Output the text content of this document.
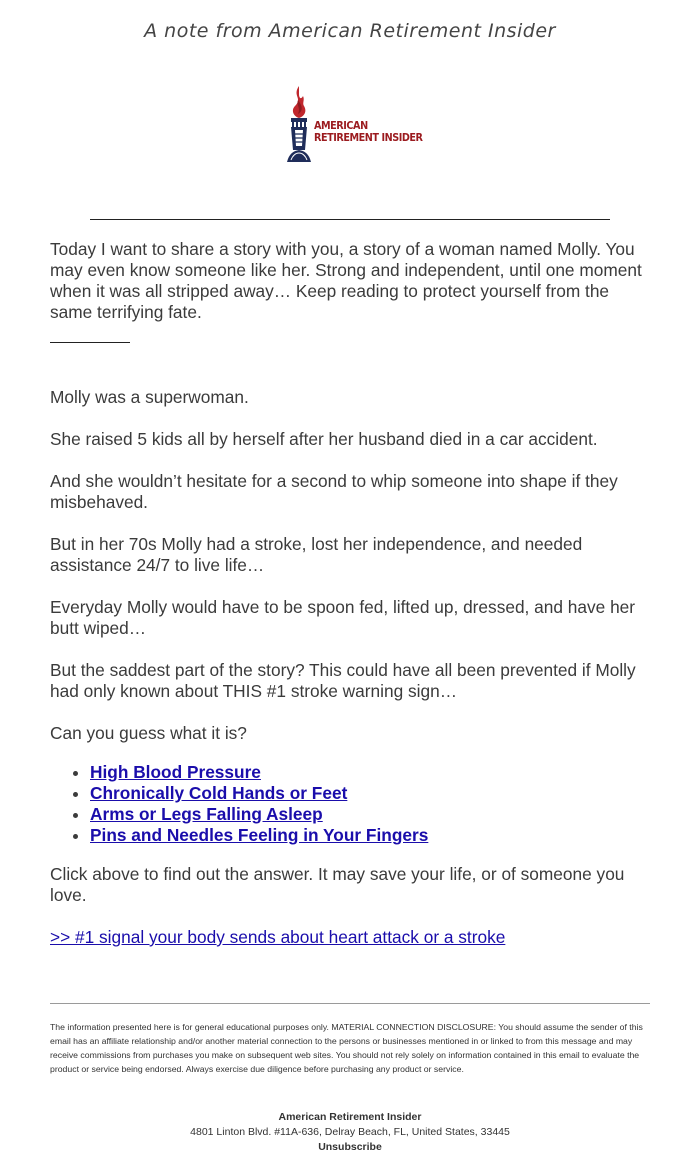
A note from American Retirement Insider
AMERICAN
RETIREMENT INSIDER

Today I want to share a story with you, a story of a woman named Molly. You may even know someone like her. Strong and independent, until one moment when it was all stripped away… Keep reading to protect yourself from the same terrifying fate.

Molly was a superwoman.

She raised 5 kids all by herself after her husband died in a car accident.

And she wouldn’t hesitate for a second to whip someone into shape if they misbehaved.

But in her 70s Molly had a stroke, lost her independence, and needed assistance 24/7 to live life…

Everyday Molly would have to be spoon fed, lifted up, dressed, and have her butt wiped…

But the saddest part of the story? This could have all been prevented if Molly had only known about THIS #1 stroke warning sign…

Can you guess what it is?

• High Blood Pressure
• Chronically Cold Hands or Feet
• Arms or Legs Falling Asleep
• Pins and Needles Feeling in Your Fingers

Click above to find out the answer. It may save your life, or of someone you love.

>> #1 signal your body sends about heart attack or a stroke

The information presented here is for general educational purposes only. MATERIAL CONNECTION DISCLOSURE: You should assume the sender of this email has an affiliate relationship and/or another material connection to the persons or businesses mentioned in or linked to from this message and may receive commissions from purchases you make on subsequent web sites. You should not rely solely on information contained in this email to evaluate the product or service being endorsed. Always exercise due diligence before purchasing any product or service.
American Retirement Insider
4801 Linton Blvd. #11A-636, Delray Beach, FL, United States, 33445
Unsubscribe
